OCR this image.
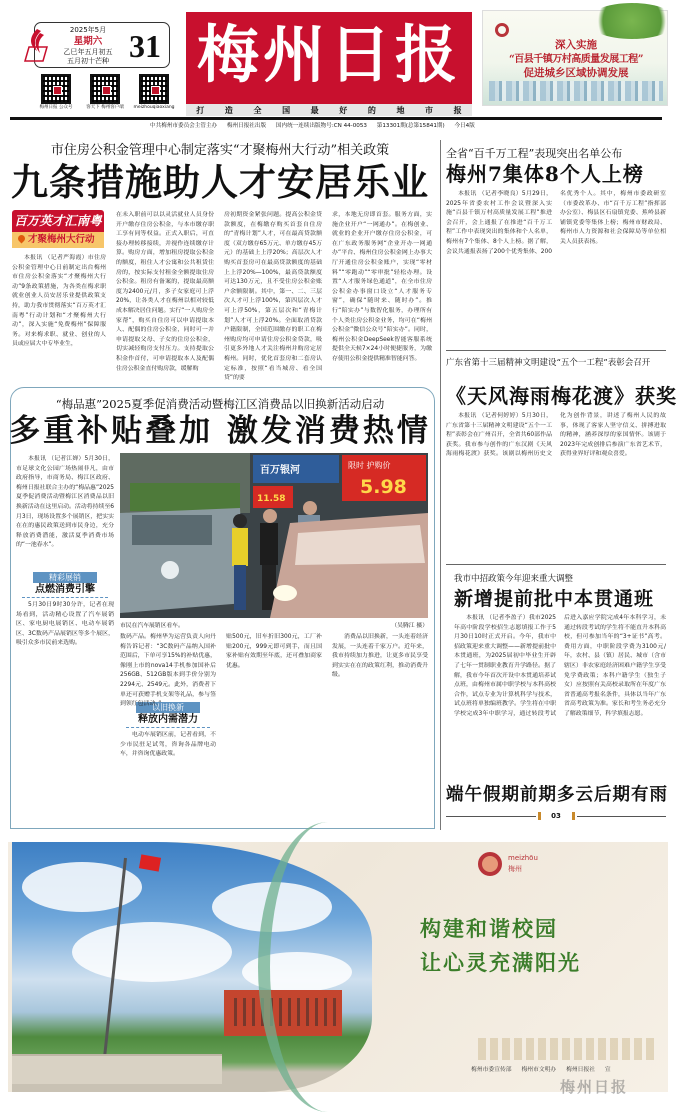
2025年5月
星期六
乙巳年五月初五
五月初十芒种 31
梅州日报 公众号	客天下 梅州客户端	meizhouqiaoxiang
梅州日报
打	造	全	国	最	好	的	地	市	报
深入实施
“百县千镇万村高质量发展工程”
促进城乡区域协调发展
中共梅州市委员会主管主办 梅州日报社出版 国内统一连续出版物号:CN 44-0053 第13301期(总第15841期) 今日4版
市住房公积金管理中心制定落实“才聚梅州大行动”相关政策
九条措施助人才安居乐业
百万英才汇南粤
才聚梅州大行动
本报讯 （记者严海霞）市住房公积金管理中心日前制定出台梅州市住房公积金落实“才聚梅州大行动”9条政策措施，为各类在梅求职就业创业人员安居乐业提供政策支持，助力我市贯彻落实“百万英才汇南粤”行动计划和“才聚梅州大行动”，深入实施“免费梅州”保障服务。对来梅求职、就业、创业的人员或应届大中专毕业生，
在未入职前可以以灵活就业人员身份开户缴存住房公积金，与本市缴存职工享有同等权益。正式入职后，可直接办理转移接续，并视作连续缴存计算。购房方面，增加租房提取公积金的额度，租住人才公寓和公共租赁住房的，按实际支付租金全额提取住房公积金。租房有备案的，提取最高额度为2400元/月，多子女家庭可上浮20%，让各类人才在梅州以相对较低成本解决居住问题。实行“一人购房全家帮”，购买自住房可以申请提取本人、配偶的住房公积金，同时可一并申请提取父母、子女的住房公积金，切实减轻购房支付压力。支持提取公积金作首付，可申请提取本人及配偶住房公积金直付购房款，缓解购
房初期资金紧张问题。提高公积金贷款额度，在梅缴存购买首套自住房的“青梅计划”人才，可在最高贷款额度（双方缴存65万元、单方缴存45万元）的基础上上浮20%；高层次人才购买首套房可在最高贷款额度的基础上上浮20%—100%，最高贷款额度可达130万元，且不受住房公积金账户余额限制。其中，第一、二、三层次人才可上浮100%，第四层次人才可上浮50%，第五层次和“青梅计划”人才可上浮20%。全面取消贷款户籍限制，全国范围缴存的职工在梅州购房均可申请住房公积金贷款，吸引更多外地人才关注梅州并购房定居梅州。同时，优化首套房和二套房认定标准，按照“看当城房、看全国贷”的要
求，本地无房即首套。服务方面，实施企业开户“一网通办”。在梅创业、就业的企业开户缴存住房公积金，可在广东政务服务网“企业开办一网通办”平台、梅州住房公积金网上办事大厅开通住房公积金账户，实现“零材料”“零跑动”“零审批”轻松办理。设置“人才服务绿色通道”，在全市住房公积金办事窗口设立“人才服务专窗”，确保“随时来、随时办”。推行“陪实办”与数智化服务，办理所有个人类住房公积金业务，均可在“梅州公积金”微信公众号“陪实办”。同时，梅州公积金DeepSeek智能客服系统提供全天候7×24小时便捷服务，为缴存使用公积金提供精准智能问答。
“梅品惠”2025夏季促消费活动暨梅江区消费品以旧换新活动启动
多重补贴叠加 激发消费热情
本报讯 （记者江婵）5月30日，市足球文化公园广场热闹非凡，由市政府指导，市商务局、梅江区政府、梅州日报社联合主办的“梅品惠”2025夏季促消费活动暨梅江区消费品以旧换新活动在这里启动。活动将持续至6月3日，现场设置多个展销区，把实实在在的惠民政策送到市民身边，充分释放消费潜能，激活夏季消费市场的“一池春水”。
精彩展销
点燃消费引擎
5月30日9时30分许，记者在现场看到，活动精心设置了汽车展销区、家电厨电展销区、电动车展销区、3C数码产品展销区等多个展区，吸引众多市民前来选购。
百万银河	限时 护购价
5.98
11.58
市民在汽车展销区看车。	（吴腾江 摄）
数码产品。梅州华为运营负责人向丹梅告诉记者：“3C数码产品纳入国补范围后，下单可享15%的补贴优惠，像刚上市的nova14手机参加国补后256GB、512GB版本到手价分别为2294元、2549元。此外，消费者下单还可获赠手机支架等礼品，参与签到领红包活动。”
以旧换新
释放内需潜力
电动车展销区前，记者看到，不少市民驻足试驾，咨询各品牌电动车，并咨询优惠政策。
贴500元，旧车折旧300元，工厂补贴200元，999元即可到手，而且国家补贴有效期至年底，还可叠加商家优惠。
消费品以旧换新，一头连着经济发展，一头连着千家万户。近年来，我市持续加力推进，让更多市民享受到实实在在的政策红利，推动消费升级。
全省“百千万工程”表现突出名单公布
梅州7集体8个人上榜
本报讯 （记者李晓良）5月29日，2025年省委农村工作会议暨深入实施“百县千镇万村高质量发展工程”推进会召开，会上通报了在推进“百千万工程”工作中表现突出的集体和个人名单，梅州有7个集体、8个人上榜。据了解，会议共通报表扬了200个优秀集体、200名优秀个人。其中，梅州市委政研室（市委改革办、市“百千万工程”指挥部办公室）、梅县区石扇镇党委、蕉岭县新铺镇党委等集体上榜；梅州市财政局、梅州市人力资源和社会保障局等单位相关人员获表扬。
广东省第十三届精神文明建设“五个一工程”表彰会召开
《天风海雨梅花渡》获奖
本报讯 （记者何婷婷）5月30日，广东省第十三届精神文明建设“五个一工程”表彰会在广州召开，全省共60部作品获奖。我市参与创作的广东汉剧《天风海雨梅花渡》获奖。该剧以梅州历史文化为创作背景，讲述了梅州人民的故事，体现了客家人坚守信义、拼搏进取的精神，涵养深厚的家国情怀。该剧于2023年完成创排后参演广东省艺术节，获得业界好评和观众喜爱。
我市中招政策今年迎来重大调整
新增提前批中本贯通班
本报讯 （记者李盈子）我市2025年高中阶段学校招生志愿填报工作于5月30日10时正式开启。今年，我市中招政策迎来重大调整——新增提前批中本贯通班，为2025届初中毕业生开辟了七年一贯制职业教育升学路径。据了解，我市今年首次开设中本贯通培养试点班，由梅州市属中职学校与本科高校合作，试点专业为计算机科学与技术，试点班将单独编班教学。学生将在中职学校完成3年中职学习，通过转段考试后进入嘉应学院完成4年本科学习，未通过转段考试的学生将不能直升本科高校，但可参加当年的“3+证书”高考。费用方面，中职阶段学费为3100元/年，农村、县（镇）居民、城市（含市辖区）非农家庭经济困难户籍学生享受免学费政策；本科户籍学生（独生子女）应按照有关高校录取所在年度广东省普通高考报名条件，具体以当年广东省高考政策为准。家长和考生务必充分了解政策细节，科学填报志愿。
端午假期前期多云后期有雨
03
meizhōu
梅州
构建和谐校园
让心灵充满阳光
梅州市委宣传部 梅州市文明办 梅州日报社 宣
梅州日报
